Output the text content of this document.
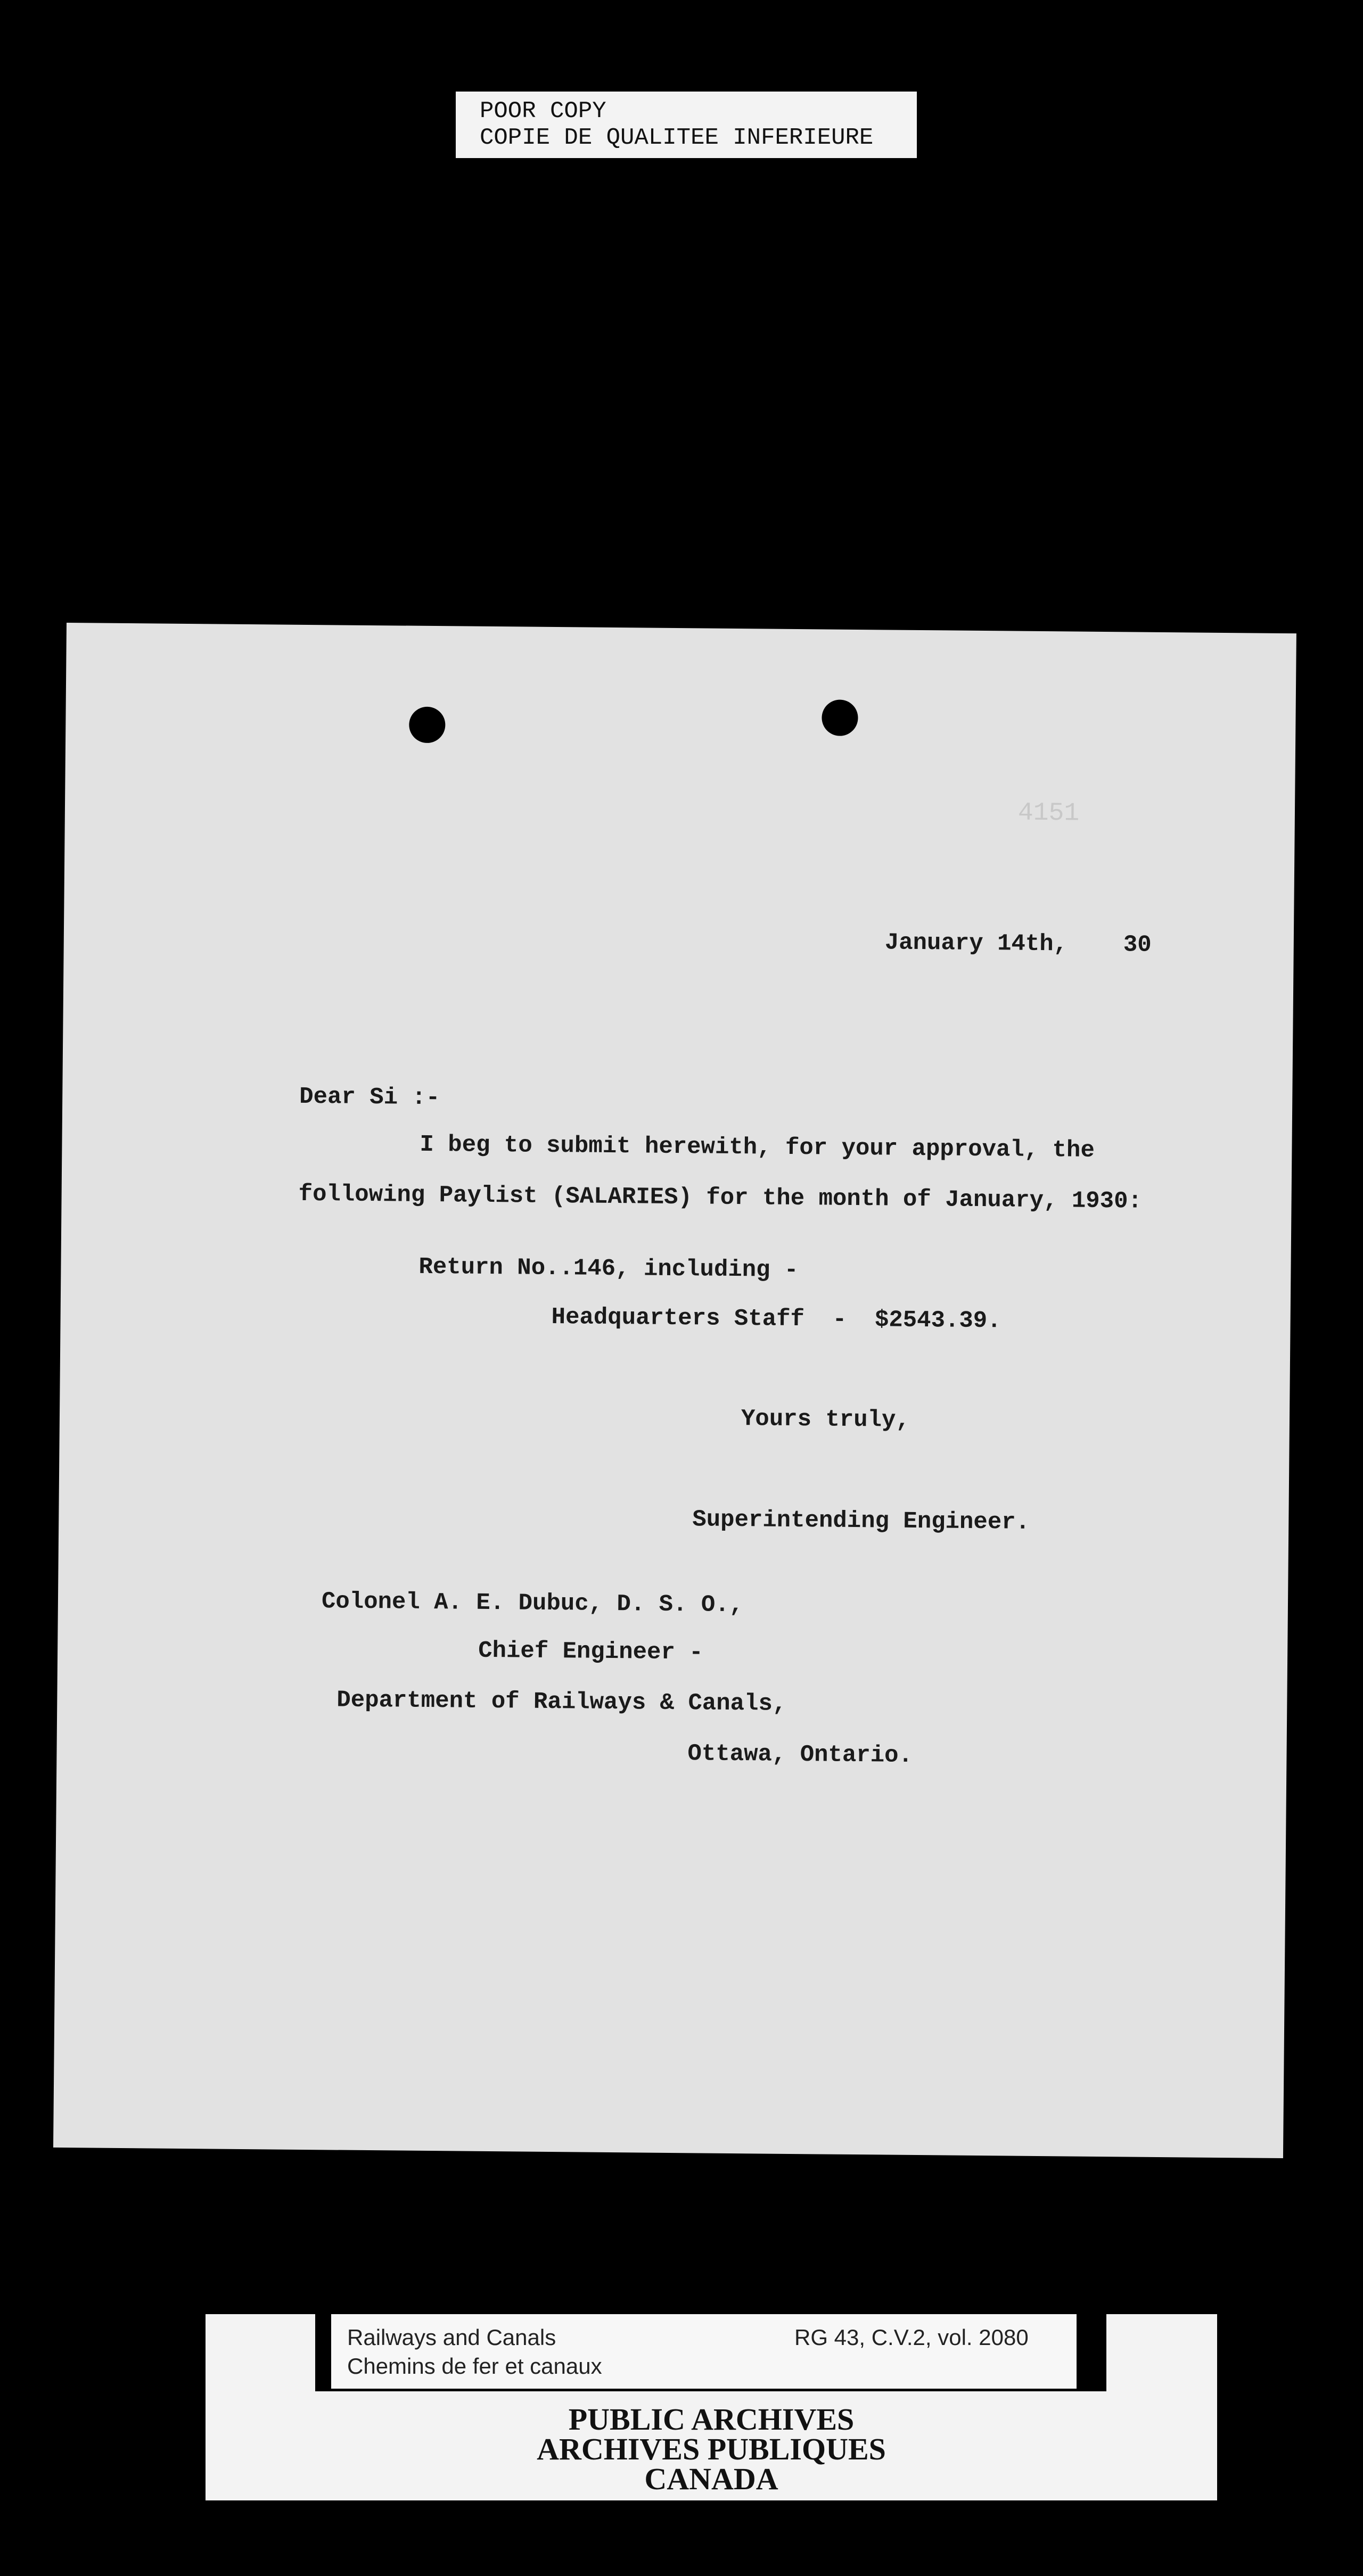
POOR COPY
COPIE DE QUALITEE INFERIEURE
4151
January 14th, 30
Dear Si :-
I beg to submit herewith, for your approval, the
following Paylist (SALARIES) for the month of January, 1930:
Return No..146, including -
Headquarters Staff  -  $2543.39.
Yours truly,
Superintending Engineer.
Colonel A. E. Dubuc, D. S. O.,
Chief Engineer -
Department of Railways & Canals,
Ottawa, Ontario.
Railways and Canals
Chemins de fer et canaux
RG 43, C.V.2, vol. 2080
PUBLIC ARCHIVES
ARCHIVES PUBLIQUES
CANADA
